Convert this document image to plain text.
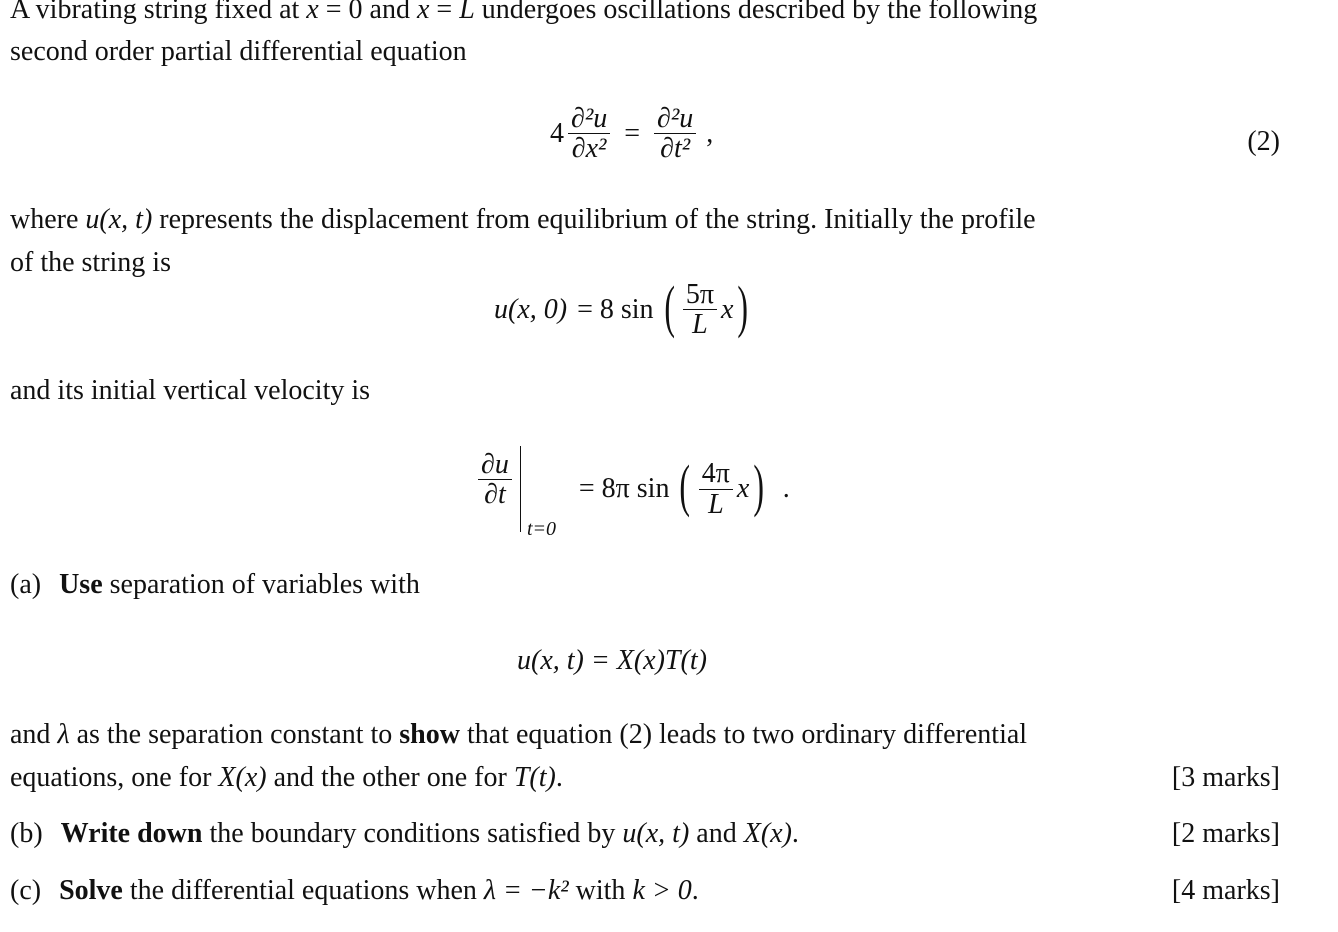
A vibrating string fixed at x = 0 and x = L undergoes oscillations described by the following
second order partial differential equation
$4 \frac{\text{∂²u}}{\text{∂x²}} = \frac{\text{∂²u}}{\text{∂t²}}$ ,	(2)
where u(x, t) represents the displacement from equilibrium of the string. Initially the profile
of the string is
u(x, 0) = 8 sin ( $\frac{5\pi}{L}$ x )
and its initial vertical velocity is
$\frac{\partial u}{\partial t} = 8\pi$ sin ( $\frac{4\pi}{L}$ x ) .
t=0
(a) Use separation of variables with
u(x, t) = X(x)T(t)
and λ as the separation constant to show that equation (2) leads to two ordinary differential
equations, one for X(x) and the other one for T(t).	[3 marks]
(b) Write down the boundary conditions satisfied by u(x, t) and X(x).	[2 marks]
(c) Solve the differential equations when λ = −k² with k > 0.	[4 marks]
